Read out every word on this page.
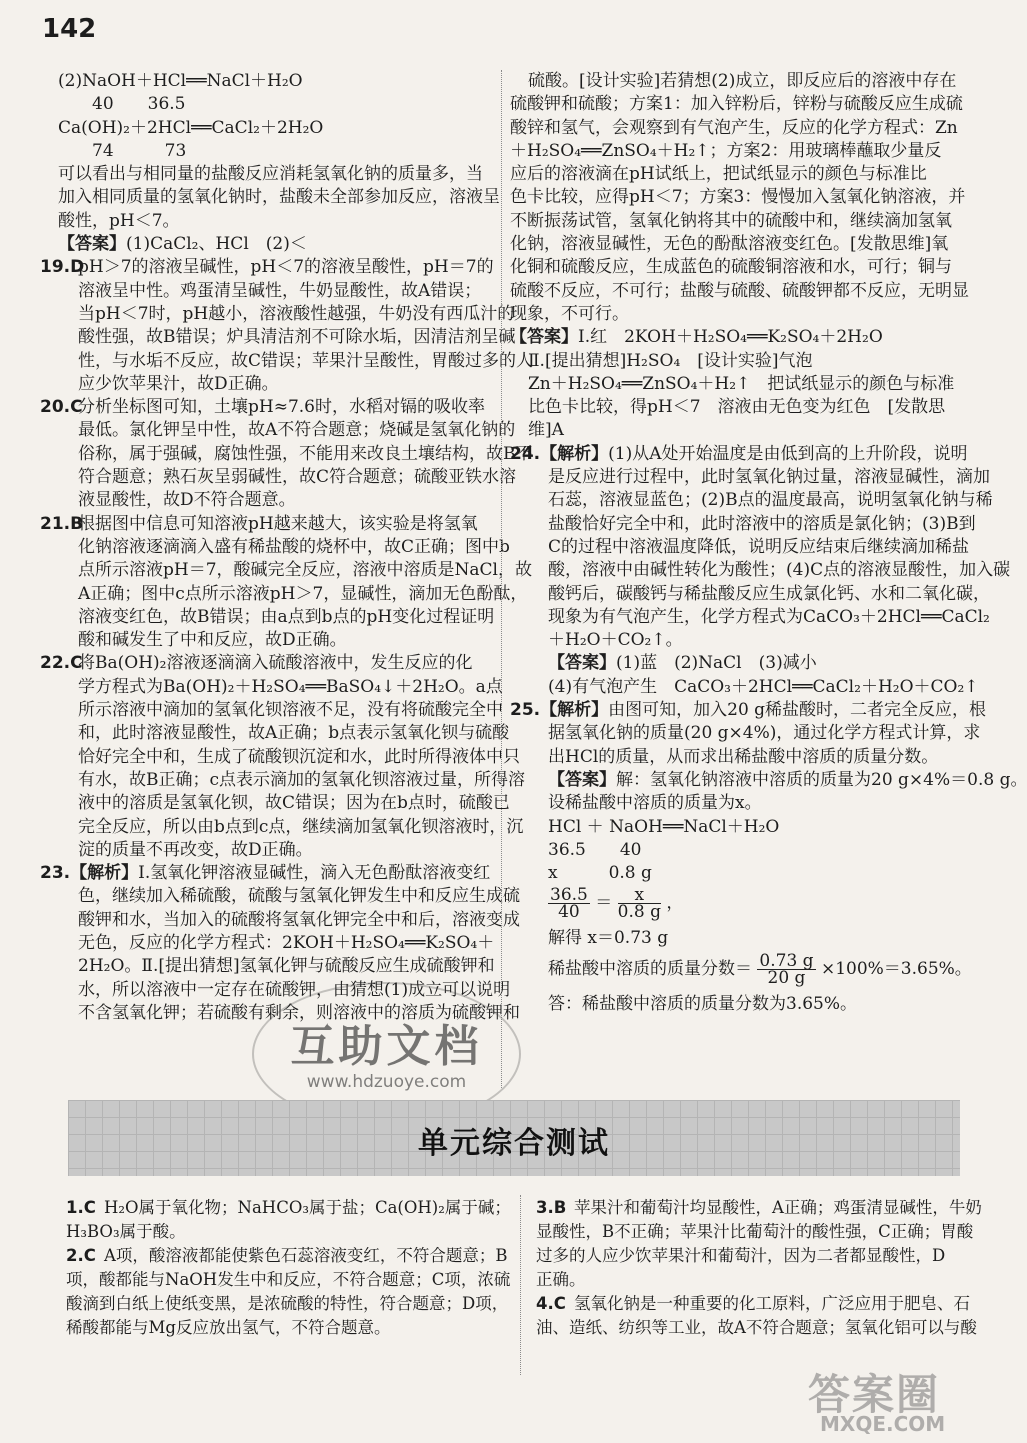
142
(2)NaOH＋HCl══NaCl＋H₂O
40　　36.5
Ca(OH)₂＋2HCl══CaCl₂＋2H₂O
74　　　73
可以看出与相同量的盐酸反应消耗氢氧化钠的质量多，当
加入相同质量的氢氧化钠时，盐酸未全部参加反应，溶液呈
酸性，pH＜7。
【答案】(1)CaCl₂、HCl　(2)＜
19.DpH＞7的溶液呈碱性，pH＜7的溶液呈酸性，pH＝7的
溶液呈中性。鸡蛋清呈碱性，牛奶显酸性，故A错误；
当pH＜7时，pH越小，溶液酸性越强，牛奶没有西瓜汁的
酸性强，故B错误；炉具清洁剂不可除水垢，因清洁剂呈碱
性，与水垢不反应，故C错误；苹果汁呈酸性，胃酸过多的人
应少饮苹果汁，故D正确。
20.C分析坐标图可知，土壤pH≈7.6时，水稻对镉的吸收率
最低。氯化钾呈中性，故A不符合题意；烧碱是氢氧化钠的
俗称，属于强碱，腐蚀性强，不能用来改良土壤结构，故B不
符合题意；熟石灰呈弱碱性，故C符合题意；硫酸亚铁水溶
液显酸性，故D不符合题意。
21.B根据图中信息可知溶液pH越来越大，该实验是将氢氧
化钠溶液逐滴滴入盛有稀盐酸的烧杯中，故C正确；图中b
点所示溶液pH＝7，酸碱完全反应，溶液中溶质是NaCl，故
A正确；图中c点所示溶液pH＞7，显碱性，滴加无色酚酞，
溶液变红色，故B错误；由a点到b点的pH变化过程证明
酸和碱发生了中和反应，故D正确。
22.C将Ba(OH)₂溶液逐滴滴入硫酸溶液中，发生反应的化
学方程式为Ba(OH)₂＋H₂SO₄══BaSO₄↓＋2H₂O。a点
所示溶液中滴加的氢氧化钡溶液不足，没有将硫酸完全中
和，此时溶液显酸性，故A正确；b点表示氢氧化钡与硫酸
恰好完全中和，生成了硫酸钡沉淀和水，此时所得液体中只
有水，故B正确；c点表示滴加的氢氧化钡溶液过量，所得溶
液中的溶质是氢氧化钡，故C错误；因为在b点时，硫酸已
完全反应，所以由b点到c点，继续滴加氢氧化钡溶液时，沉
淀的质量不再改变，故D正确。
23.【解析】Ⅰ.氢氧化钾溶液显碱性，滴入无色酚酞溶液变红
色，继续加入稀硫酸，硫酸与氢氧化钾发生中和反应生成硫
酸钾和水，当加入的硫酸将氢氧化钾完全中和后，溶液变成
无色，反应的化学方程式：2KOH＋H₂SO₄══K₂SO₄＋
2H₂O。Ⅱ.[提出猜想]氢氧化钾与硫酸反应生成硫酸钾和
水，所以溶液中一定存在硫酸钾，由猜想(1)成立可以说明
不含氢氧化钾；若硫酸有剩余，则溶液中的溶质为硫酸钾和
硫酸。[设计实验]若猜想(2)成立，即反应后的溶液中存在
硫酸钾和硫酸；方案1：加入锌粉后，锌粉与硫酸反应生成硫
酸锌和氢气，会观察到有气泡产生，反应的化学方程式：Zn
＋H₂SO₄══ZnSO₄＋H₂↑；方案2：用玻璃棒蘸取少量反
应后的溶液滴在pH试纸上，把试纸显示的颜色与标准比
色卡比较，应得pH＜7；方案3：慢慢加入氢氧化钠溶液，并
不断振荡试管，氢氧化钠将其中的硫酸中和，继续滴加氢氧
化钠，溶液显碱性，无色的酚酞溶液变红色。[发散思维]氧
化铜和硫酸反应，生成蓝色的硫酸铜溶液和水，可行；铜与
硫酸不反应，不可行；盐酸与硫酸、硫酸钾都不反应，无明显
现象，不可行。
【答案】Ⅰ.红　2KOH＋H₂SO₄══K₂SO₄＋2H₂O
Ⅱ.[提出猜想]H₂SO₄　[设计实验]气泡
Zn＋H₂SO₄══ZnSO₄＋H₂↑　把试纸显示的颜色与标准
比色卡比较，得pH＜7　溶液由无色变为红色　[发散思
维]A
24.【解析】(1)从A处开始温度是由低到高的上升阶段，说明
是反应进行过程中，此时氢氧化钠过量，溶液显碱性，滴加
石蕊，溶液显蓝色；(2)B点的温度最高，说明氢氧化钠与稀
盐酸恰好完全中和，此时溶液中的溶质是氯化钠；(3)B到
C的过程中溶液温度降低，说明反应结束后继续滴加稀盐
酸，溶液中由碱性转化为酸性；(4)C点的溶液显酸性，加入碳
酸钙后，碳酸钙与稀盐酸反应生成氯化钙、水和二氧化碳，
现象为有气泡产生，化学方程式为CaCO₃＋2HCl══CaCl₂
＋H₂O＋CO₂↑。
【答案】(1)蓝　(2)NaCl　(3)减小
(4)有气泡产生　CaCO₃＋2HCl══CaCl₂＋H₂O＋CO₂↑
25.【解析】由图可知，加入20 g稀盐酸时，二者完全反应，根
据氢氧化钠的质量(20 g×4%)，通过化学方程式计算，求
出HCl的质量，从而求出稀盐酸中溶质的质量分数。
【答案】解：氢氧化钠溶液中溶质的质量为20 g×4%＝0.8 g。
设稀盐酸中溶质的质量为x。
HCl ＋ NaOH══NaCl＋H₂O
36.5　　40
x　　　0.8 g
$\frac{36.5}{40} = \frac{x}{0.8 g}$ ，
解得 x＝0.73 g
稀盐酸中溶质的质量分数＝ $\frac{0.73 g}{20 g} \times 100\%=3.65\%$。
答：稀盐酸中溶质的质量分数为3.65%。
互助文档
www.hdzuoye.com
单元综合测试
1.C H₂O属于氧化物；NaHCO₃属于盐；Ca(OH)₂属于碱；
H₃BO₃属于酸。
2.C A项，酸溶液都能使紫色石蕊溶液变红，不符合题意；B
项，酸都能与NaOH发生中和反应，不符合题意；C项，浓硫
酸滴到白纸上使纸变黑，是浓硫酸的特性，符合题意；D项，
稀酸都能与Mg反应放出氢气，不符合题意。
3.B 苹果汁和葡萄汁均显酸性，A正确；鸡蛋清显碱性，牛奶
显酸性，B不正确；苹果汁比葡萄汁的酸性强，C正确；胃酸
过多的人应少饮苹果汁和葡萄汁，因为二者都显酸性，D
正确。
4.C 氢氧化钠是一种重要的化工原料，广泛应用于肥皂、石
油、造纸、纺织等工业，故A不符合题意；氢氧化铝可以与酸
答案圈
MXQE.COM
